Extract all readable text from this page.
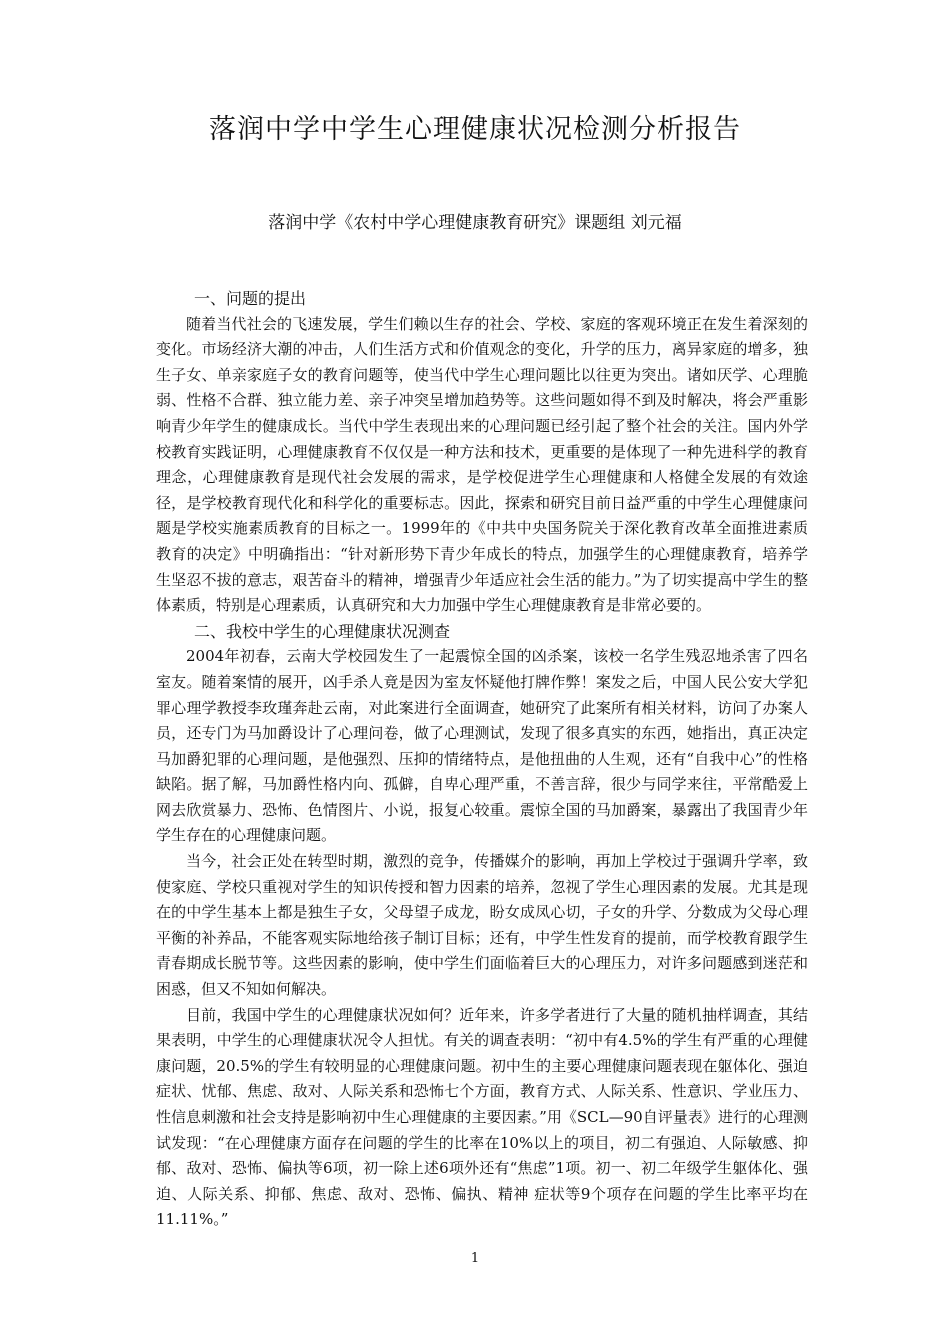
落润中学中学生心理健康状况检测分析报告
落润中学《农村中学心理健康教育研究》课题组 刘元福

一、问题的提出

随着当代社会的飞速发展，学生们赖以生存的社会、学校、家庭的客观环境正在发生着深刻的变化。市场经济大潮的冲击，人们生活方式和价值观念的变化，升学的压力，离异家庭的增多，独生子女、单亲家庭子女的教育问题等，使当代中学生心理问题比以往更为突出。诸如厌学、心理脆弱、性格不合群、独立能力差、亲子冲突呈增加趋势等。这些问题如得不到及时解决，将会严重影响青少年学生的健康成长。当代中学生表现出来的心理问题已经引起了整个社会的关注。国内外学校教育实践证明，心理健康教育不仅仅是一种方法和技术，更重要的是体现了一种先进科学的教育理念，心理健康教育是现代社会发展的需求，是学校促进学生心理健康和人格健全发展的有效途径，是学校教育现代化和科学化的重要标志。因此，探索和研究目前日益严重的中学生心理健康问题是学校实施素质教育的目标之一。1999年的《中共中央国务院关于深化教育改革全面推进素质教育的决定》中明确指出：“针对新形势下青少年成长的特点，加强学生的心理健康教育，培养学生坚忍不拔的意志，艰苦奋斗的精神，增强青少年适应社会生活的能力。”为了切实提高中学生的整体素质，特别是心理素质，认真研究和大力加强中学生心理健康教育是非常必要的。

二、我校中学生的心理健康状况测查

2004年初春，云南大学校园发生了一起震惊全国的凶杀案，该校一名学生残忍地杀害了四名室友。随着案情的展开，凶手杀人竟是因为室友怀疑他打牌作弊！案发之后，中国人民公安大学犯罪心理学教授李玫瑾奔赴云南，对此案进行全面调查，她研究了此案所有相关材料，访问了办案人员，还专门为马加爵设计了心理问卷，做了心理测试，发现了很多真实的东西，她指出，真正决定马加爵犯罪的心理问题，是他强烈、压抑的情绪特点，是他扭曲的人生观，还有“自我中心”的性格缺陷。据了解，马加爵性格内向、孤僻，自卑心理严重，不善言辞，很少与同学来往，平常酷爱上网去欣赏暴力、恐怖、色情图片、小说，报复心较重。震惊全国的马加爵案，暴露出了我国青少年学生存在的心理健康问题。

当今，社会正处在转型时期，激烈的竞争，传播媒介的影响，再加上学校过于强调升学率，致使家庭、学校只重视对学生的知识传授和智力因素的培养，忽视了学生心理因素的发展。尤其是现在的中学生基本上都是独生子女，父母望子成龙，盼女成凤心切，子女的升学、分数成为父母心理平衡的补养品，不能客观实际地给孩子制订目标；还有，中学生性发育的提前，而学校教育跟学生青春期成长脱节等。这些因素的影响，使中学生们面临着巨大的心理压力，对许多问题感到迷茫和困惑，但又不知如何解决。

目前，我国中学生的心理健康状况如何？近年来，许多学者进行了大量的随机抽样调查，其结果表明，中学生的心理健康状况令人担忧。有关的调查表明：“初中有4.5%的学生有严重的心理健康问题，20.5%的学生有较明显的心理健康问题。初中生的主要心理健康问题表现在躯体化、强迫症状、忧郁、焦虑、敌对、人际关系和恐怖七个方面，教育方式、人际关系、性意识、学业压力、性信息刺激和社会支持是影响初中生心理健康的主要因素。”用《SCL—90自评量表》进行的心理测试发现：“在心理健康方面存在问题的学生的比率在10%以上的项目，初二有强迫、人际敏感、抑郁、敌对、恐怖、偏执等6项，初一除上述6项外还有“焦虑”1项。初一、初二年级学生躯体化、强迫、人际关系、抑郁、焦虑、敌对、恐怖、偏执、精神 症状等9个项存在问题的学生比率平均在11.11%。”

1
